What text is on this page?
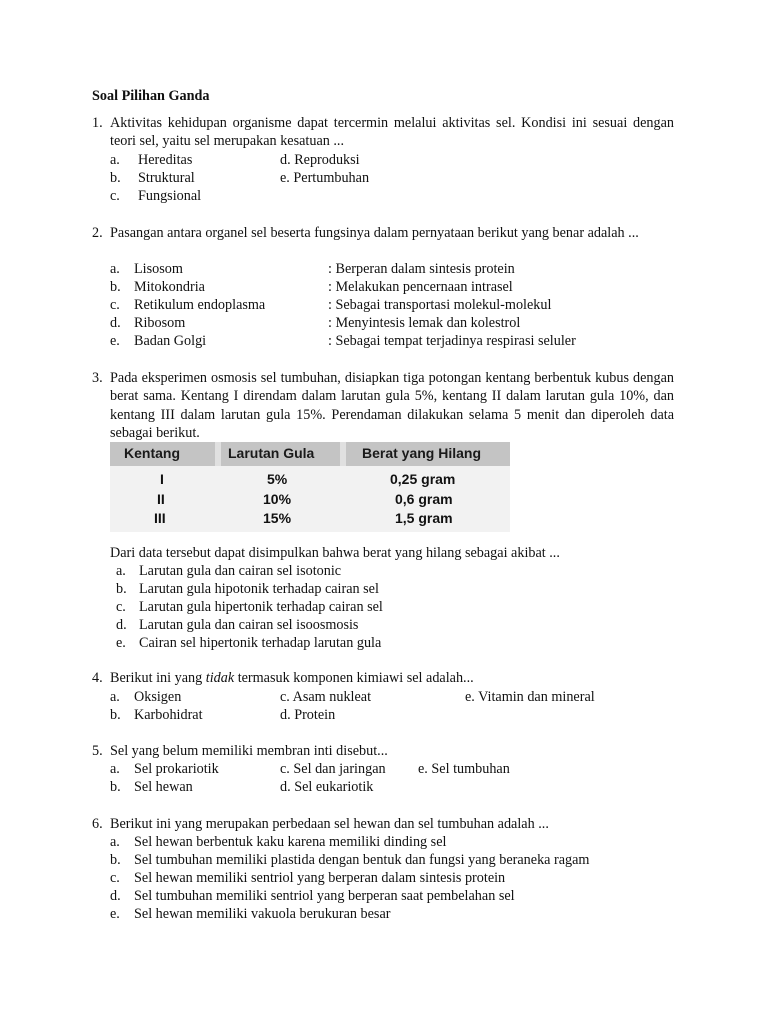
Soal Pilihan Ganda
1. Aktivitas kehidupan organisme dapat tercermin melalui aktivitas sel. Kondisi ini sesuai dengan teori sel, yaitu sel merupakan kesatuan ...
a. Hereditas
b. Struktural
c. Fungsional
d. Reproduksi
e. Pertumbuhan
2. Pasangan antara organel sel beserta fungsinya dalam pernyataan berikut yang benar adalah ...
a. Lisosom	: Berperan dalam sintesis protein
b. Mitokondria	: Melakukan pencernaan intrasel
c. Retikulum endoplasma	: Sebagai transportasi molekul-molekul
d. Ribosom	: Menyintesis lemak dan kolestrol
e. Badan Golgi	: Sebagai tempat terjadinya respirasi seluler
3. Pada eksperimen osmosis sel tumbuhan, disiapkan tiga potongan kentang berbentuk kubus dengan berat sama. Kentang I direndam dalam larutan gula 5%, kentang II dalam larutan gula 10%, dan kentang III dalam larutan gula 15%. Perendaman dilakukan selama 5 menit dan diperoleh data sebagai berikut.
Kentang	Larutan Gula	Berat yang Hilang
I	5%	0,25 gram
II	10%	0,6 gram
III	15%	1,5 gram
Dari data tersebut dapat disimpulkan bahwa berat yang hilang sebagai akibat ...
a. Larutan gula dan cairan sel isotonic
b. Larutan gula hipotonik terhadap cairan sel
c. Larutan gula hipertonik terhadap cairan sel
d. Larutan gula dan cairan sel isoosmosis
e. Cairan sel hipertonik terhadap larutan gula
4. Berikut ini yang tidak termasuk komponen kimiawi sel adalah...
a. Oksigen
b. Karbohidrat
c. Asam nukleat
d. Protein
e. Vitamin dan mineral
5. Sel yang belum memiliki membran inti disebut...
a. Sel prokariotik
b. Sel hewan
c. Sel dan jaringan
d. Sel eukariotik
e. Sel tumbuhan
6. Berikut ini yang merupakan perbedaan sel hewan dan sel tumbuhan adalah ...
a. Sel hewan berbentuk kaku karena memiliki dinding sel
b. Sel tumbuhan memiliki plastida dengan bentuk dan fungsi yang beraneka ragam
c. Sel hewan memiliki sentriol yang berperan dalam sintesis protein
d. Sel tumbuhan memiliki sentriol yang berperan saat pembelahan sel
e. Sel hewan memiliki vakuola berukuran besar
